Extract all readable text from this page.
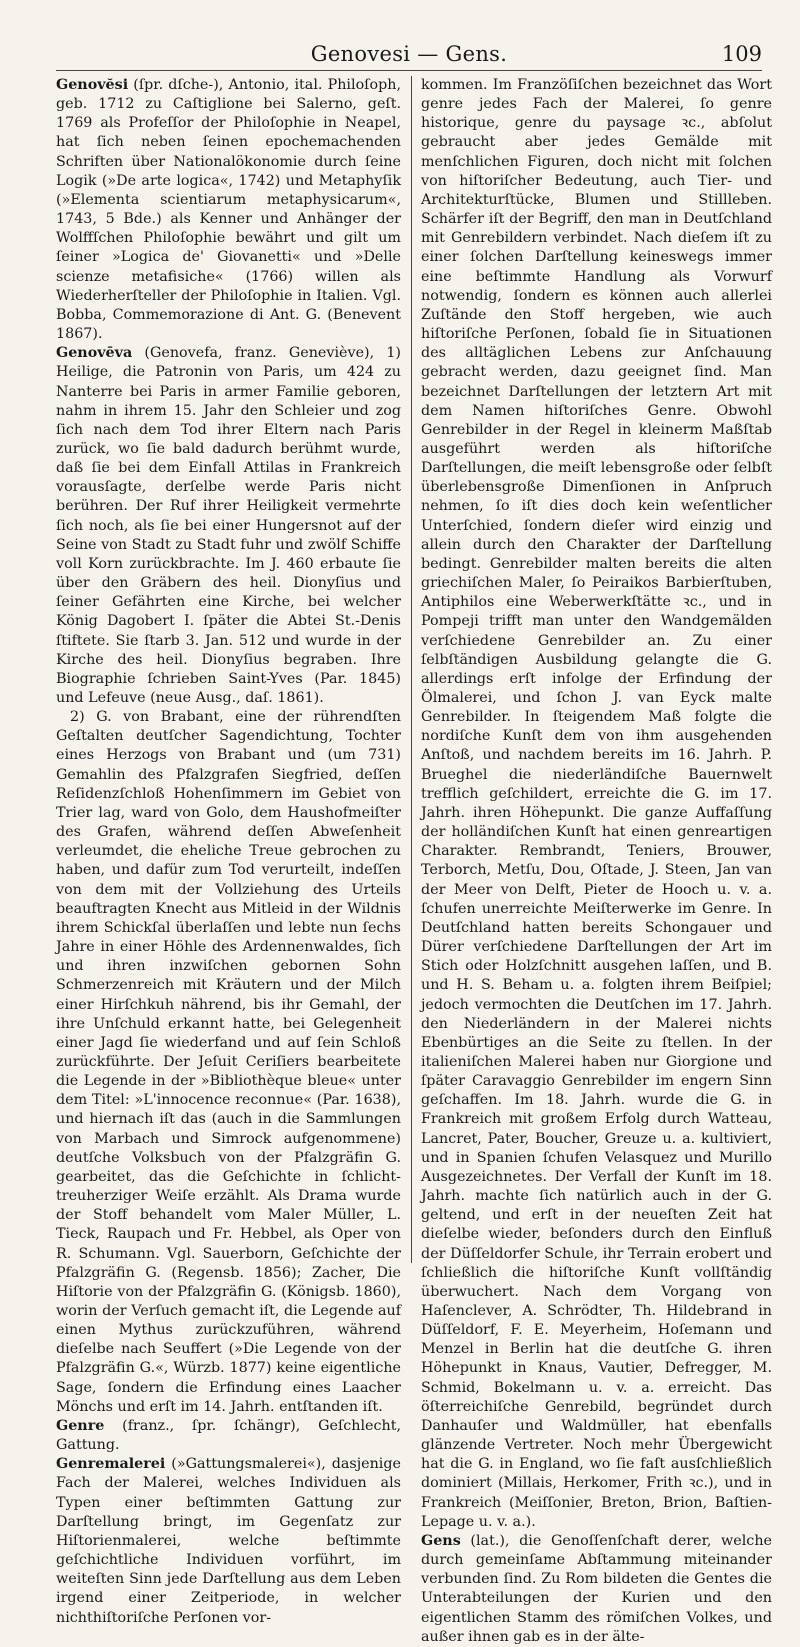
Genovesi — Gens.	109

Genovĕsi (ſpr. dſche-), Antonio, ital. Philoſoph, geb. 1712 zu Caſtiglione bei Salerno, geſt. 1769 als Profeſſor der Philoſophie in Neapel, hat ſich neben ſeinen epochemachenden Schriften über Nationalökonomie durch ſeine Logik (»De arte logica«, 1742) und Metaphyſik (»Elementa scientiarum metaphysicarum«, 1743, 5 Bde.) als Kenner und Anhänger der Wolffſchen Philoſophie bewährt und gilt um ſeiner »Logica de' Giovanetti« und »Delle scienze metafisiche« (1766) willen als Wiederherſteller der Philoſophie in Italien. Vgl. Bobba, Commemorazione di Ant. G. (Benevent 1867).

Genovēva (Genovefa, franz. Geneviève), 1) Heilige, die Patronin von Paris, um 424 zu Nanterre bei Paris in armer Familie geboren, nahm in ihrem 15. Jahr den Schleier und zog ſich nach dem Tod ihrer Eltern nach Paris zurück, wo ſie bald dadurch berühmt wurde, daß ſie bei dem Einfall Attilas in Frankreich vorausſagte, derſelbe werde Paris nicht berühren. Der Ruf ihrer Heiligkeit vermehrte ſich noch, als ſie bei einer Hungersnot auf der Seine von Stadt zu Stadt fuhr und zwölf Schiffe voll Korn zurückbrachte. Im J. 460 erbaute ſie über den Gräbern des heil. Dionyſius und ſeiner Gefährten eine Kirche, bei welcher König Dagobert I. ſpäter die Abtei St.-Denis ſtiftete. Sie ſtarb 3. Jan. 512 und wurde in der Kirche des heil. Dionyſius begraben. Ihre Biographie ſchrieben Saint-Yves (Par. 1845) und Lefeuve (neue Ausg., daſ. 1861).

2) G. von Brabant, eine der rührendſten Geſtalten deutſcher Sagendichtung, Tochter eines Herzogs von Brabant und (um 731) Gemahlin des Pfalzgrafen Siegfried, deſſen Reſidenzſchloß Hohenſimmern im Gebiet von Trier lag, ward von Golo, dem Haushofmeiſter des Grafen, während deſſen Abweſenheit verleumdet, die eheliche Treue gebrochen zu haben, und dafür zum Tod verurteilt, indeſſen von dem mit der Vollziehung des Urteils beauftragten Knecht aus Mitleid in der Wildnis ihrem Schickſal überlaſſen und lebte nun ſechs Jahre in einer Höhle des Ardennenwaldes, ſich und ihren inzwiſchen gebornen Sohn Schmerzenreich mit Kräutern und der Milch einer Hirſchkuh nährend, bis ihr Gemahl, der ihre Unſchuld erkannt hatte, bei Gelegenheit einer Jagd ſie wiederfand und auf ſein Schloß zurückführte. Der Jeſuit Ceriſiers bearbeitete die Legende in der »Bibliothèque bleue« unter dem Titel: »L'innocence reconnue« (Par. 1638), und hiernach iſt das (auch in die Sammlungen von Marbach und Simrock aufgenommene) deutſche Volksbuch von der Pfalzgräfin G. gearbeitet, das die Geſchichte in ſchlicht-treuherziger Weiſe erzählt. Als Drama wurde der Stoff behandelt vom Maler Müller, L. Tieck, Raupach und Fr. Hebbel, als Oper von R. Schumann. Vgl. Sauerborn, Geſchichte der Pfalzgräfin G. (Regensb. 1856); Zacher, Die Hiſtorie von der Pfalzgräfin G. (Königsb. 1860), worin der Verſuch gemacht iſt, die Legende auf einen Mythus zurückzuführen, während dieſelbe nach Seuffert (»Die Legende von der Pfalzgräfin G.«, Würzb. 1877) keine eigentliche Sage, ſondern die Erfindung eines Laacher Mönchs und erſt im 14. Jahrh. entſtanden iſt.

Genre (franz., ſpr. ſchängr), Geſchlecht, Gattung.

Genremalerei (»Gattungsmalerei«), dasjenige Fach der Malerei, welches Individuen als Typen einer beſtimmten Gattung zur Darſtellung bringt, im Gegenſatz zur Hiſtorienmalerei, welche beſtimmte geſchichtliche Individuen vorführt, im weiteſten Sinn jede Darſtellung aus dem Leben irgend einer Zeitperiode, in welcher nichthiſtoriſche Perſonen vor-

kommen. Im Franzöſiſchen bezeichnet das Wort genre jedes Fach der Malerei, ſo genre historique, genre du paysage ꝛc., abſolut gebraucht aber jedes Gemälde mit menſchlichen Figuren, doch nicht mit ſolchen von hiſtoriſcher Bedeutung, auch Tier- und Architekturſtücke, Blumen und Stillleben. Schärfer iſt der Begriff, den man in Deutſchland mit Genrebildern verbindet. Nach dieſem iſt zu einer ſolchen Darſtellung keineswegs immer eine beſtimmte Handlung als Vorwurf notwendig, ſondern es können auch allerlei Zuſtände den Stoff hergeben, wie auch hiſtoriſche Perſonen, ſobald ſie in Situationen des alltäglichen Lebens zur Anſchauung gebracht werden, dazu geeignet ſind. Man bezeichnet Darſtellungen der letztern Art mit dem Namen hiſtoriſches Genre. Obwohl Genrebilder in der Regel in kleinerm Maßſtab ausgeführt werden als hiſtoriſche Darſtellungen, die meiſt lebensgroße oder ſelbſt überlebensgroße Dimenſionen in Anſpruch nehmen, ſo iſt dies doch kein weſentlicher Unterſchied, ſondern dieſer wird einzig und allein durch den Charakter der Darſtellung bedingt. Genrebilder malten bereits die alten griechiſchen Maler, ſo Peiraikos Barbierſtuben, Antiphilos eine Weberwerkſtätte ꝛc., und in Pompeji trifft man unter den Wandgemälden verſchiedene Genrebilder an. Zu einer ſelbſtändigen Ausbildung gelangte die G. allerdings erſt infolge der Erfindung der Ölmalerei, und ſchon J. van Eyck malte Genrebilder. In ſteigendem Maß folgte die nordiſche Kunſt dem von ihm ausgehenden Anſtoß, und nachdem bereits im 16. Jahrh. P. Brueghel die niederländiſche Bauernwelt trefflich geſchildert, erreichte die G. im 17. Jahrh. ihren Höhepunkt. Die ganze Auffaſſung der holländiſchen Kunſt hat einen genreartigen Charakter. Rembrandt, Teniers, Brouwer, Terborch, Metſu, Dou, Oſtade, J. Steen, Jan van der Meer von Delft, Pieter de Hooch u. v. a. ſchufen unerreichte Meiſterwerke im Genre. In Deutſchland hatten bereits Schongauer und Dürer verſchiedene Darſtellungen der Art im Stich oder Holzſchnitt ausgehen laſſen, und B. und H. S. Beham u. a. folgten ihrem Beiſpiel; jedoch vermochten die Deutſchen im 17. Jahrh. den Niederländern in der Malerei nichts Ebenbürtiges an die Seite zu ſtellen. In der italieniſchen Malerei haben nur Giorgione und ſpäter Caravaggio Genrebilder im engern Sinn geſchaffen. Im 18. Jahrh. wurde die G. in Frankreich mit großem Erfolg durch Watteau, Lancret, Pater, Boucher, Greuze u. a. kultiviert, und in Spanien ſchufen Velasquez und Murillo Ausgezeichnetes. Der Verfall der Kunſt im 18. Jahrh. machte ſich natürlich auch in der G. geltend, und erſt in der neueſten Zeit hat dieſelbe wieder, beſonders durch den Einfluß der Düſſeldorfer Schule, ihr Terrain erobert und ſchließlich die hiſtoriſche Kunſt vollſtändig überwuchert. Nach dem Vorgang von Haſenclever, A. Schrödter, Th. Hildebrand in Düſſeldorf, F. E. Meyerheim, Hoſemann und Menzel in Berlin hat die deutſche G. ihren Höhepunkt in Knaus, Vautier, Defregger, M. Schmid, Bokelmann u. v. a. erreicht. Das öſterreichiſche Genrebild, begründet durch Danhauſer und Waldmüller, hat ebenfalls glänzende Vertreter. Noch mehr Übergewicht hat die G. in England, wo ſie faſt ausſchließlich dominiert (Millais, Herkomer, Frith ꝛc.), und in Frankreich (Meiſſonier, Breton, Brion, Baſtien-Lepage u. v. a.).

Gens (lat.), die Genoſſenſchaft derer, welche durch gemeinſame Abſtammung miteinander verbunden ſind. Zu Rom bildeten die Gentes die Unterabteilungen der Kurien und den eigentlichen Stamm des römiſchen Volkes, und außer ihnen gab es in der älte-
